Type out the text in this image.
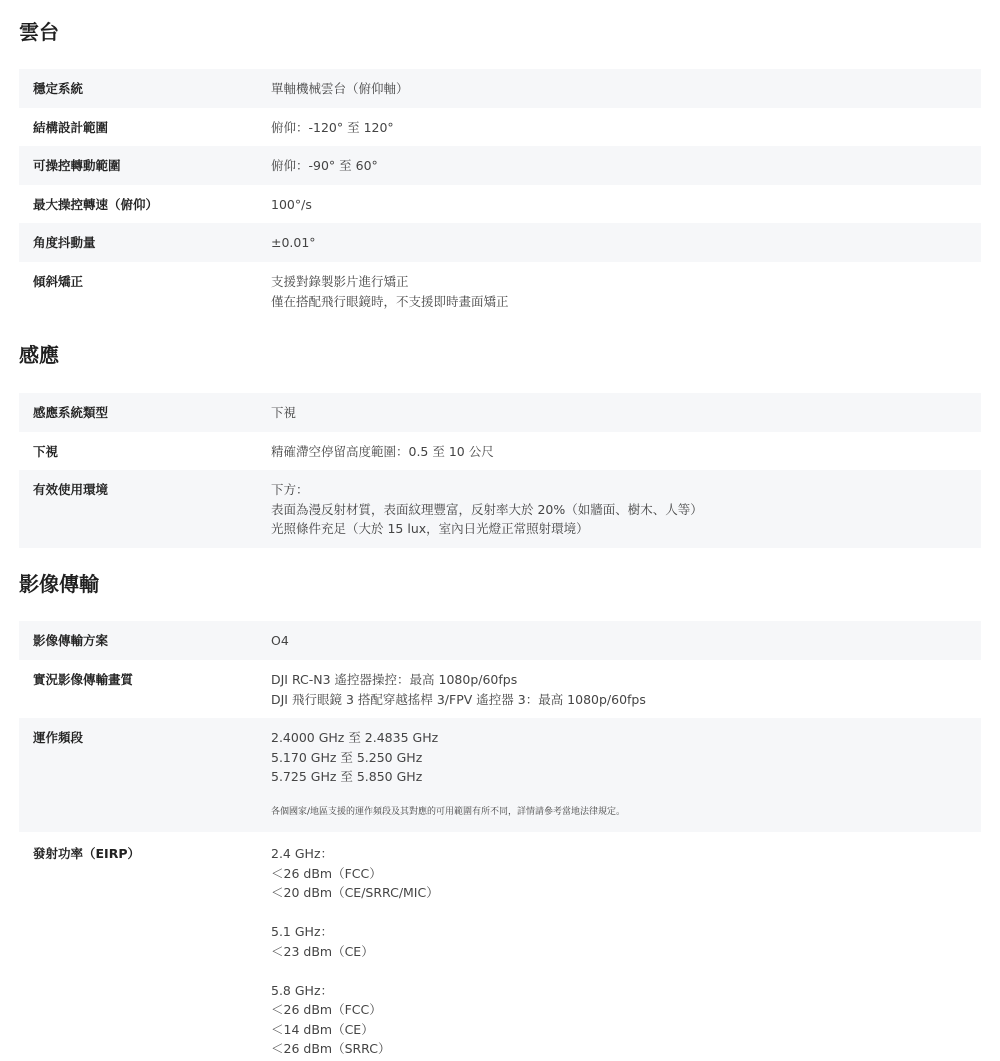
雲台
穩定系統	單軸機械雲台（俯仰軸）
結構設計範圍	俯仰：-120° 至 120°
可操控轉動範圍	俯仰：-90° 至 60°
最大操控轉速（俯仰）	100°/s
角度抖動量	±0.01°
傾斜矯正	支援對錄製影片進行矯正
僅在搭配飛行眼鏡時，不支援即時畫面矯正
感應
感應系統類型	下視
下視	精確滯空停留高度範圍：0.5 至 10 公尺
有效使用環境	下方：
表面為漫反射材質，表面紋理豐富，反射率大於 20%（如牆面、樹木、人等）
光照條件充足（大於 15 lux，室內日光燈正常照射環境）
影像傳輸
影像傳輸方案	O4
實況影像傳輸畫質	DJI RC-N3 遙控器操控：最高 1080p/60fps
DJI 飛行眼鏡 3 搭配穿越搖桿 3/FPV 遙控器 3：最高 1080p/60fps
運作頻段	2.4000 GHz 至 2.4835 GHz
5.170 GHz 至 5.250 GHz
5.725 GHz 至 5.850 GHz
各個國家/地區支援的運作頻段及其對應的可用範圍有所不同，詳情請參考當地法律規定。
發射功率（EIRP）	2.4 GHz：
＜26 dBm（FCC）
＜20 dBm（CE/SRRC/MIC）
5.1 GHz：
＜23 dBm（CE）
5.8 GHz：
＜26 dBm（FCC）
＜14 dBm（CE）
＜26 dBm（SRRC）
